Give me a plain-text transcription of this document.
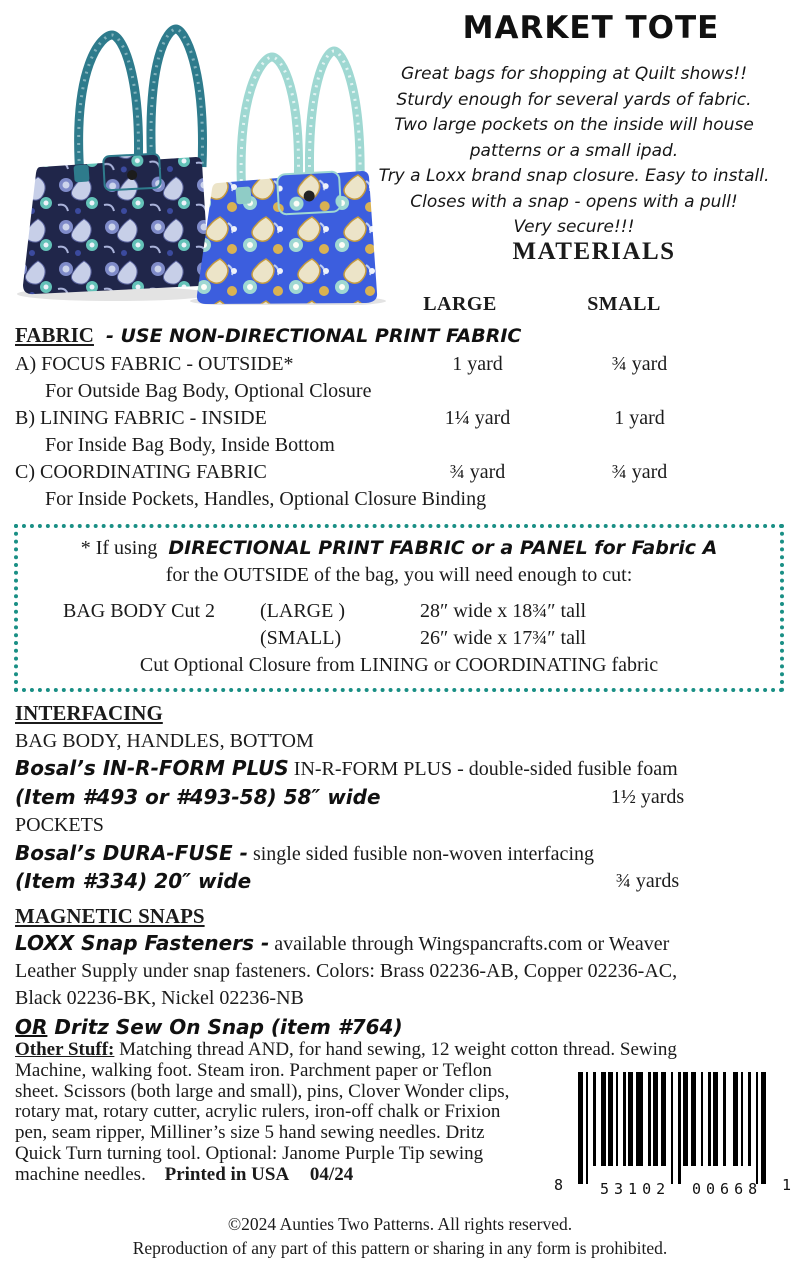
MARKET TOTE
Great bags for shopping at Quilt shows!!
Sturdy enough for several yards of fabric.
Two large pockets on the inside will house
patterns or a small ipad.
Try a Loxx brand snap closure. Easy to install.
Closes with a snap - opens with a pull!
Very secure!!!
MATERIALS
LARGE	SMALL
FABRIC - USE NON-DIRECTIONAL PRINT FABRIC
A) FOCUS FABRIC - OUTSIDE*	1 yard	¾ yard
For Outside Bag Body, Optional Closure
B) LINING FABRIC - INSIDE	1¼ yard	1 yard
For Inside Bag Body, Inside Bottom
C) COORDINATING FABRIC	¾ yard	¾ yard
For Inside Pockets, Handles, Optional Closure Binding
* If using DIRECTIONAL PRINT FABRIC or a PANEL for Fabric A
for the OUTSIDE of the bag, you will need enough to cut:
BAG BODY Cut 2 (LARGE )	28″ wide x 18¾″ tall
(SMALL)	26″ wide x 17¾″ tall
Cut Optional Closure from LINING or COORDINATING fabric
INTERFACING
BAG BODY, HANDLES, BOTTOM
Bosal’s IN-R-FORM PLUS IN-R-FORM PLUS - double-sided fusible foam
(Item #493 or #493-58) 58″ wide	1½ yards
POCKETS
Bosal’s DURA-FUSE - single sided fusible non-woven interfacing
(Item #334) 20″ wide	¾ yards
MAGNETIC SNAPS
LOXX Snap Fasteners - available through Wingspancrafts.com or Weaver
Leather Supply under snap fasteners. Colors: Brass 02236-AB, Copper 02236-AC,
Black 02236-BK, Nickel 02236-NB
OR Dritz Sew On Snap (item #764)
Other Stuff: Matching thread AND, for hand sewing, 12 weight cotton thread. Sewing
Machine, walking foot. Steam iron. Parchment paper or Teflon
sheet. Scissors (both large and small), pins, Clover Wonder clips,
rotary mat, rotary cutter, acrylic rulers, iron-off chalk or Frixion
pen, seam ripper, Milliner’s size 5 hand sewing needles. Dritz
Quick Turn turning tool. Optional: Janome Purple Tip sewing
machine needles. Printed in USA 04/24
8 53102 00668 1
©2024 Aunties Two Patterns. All rights reserved.
Reproduction of any part of this pattern or sharing in any form is prohibited.
